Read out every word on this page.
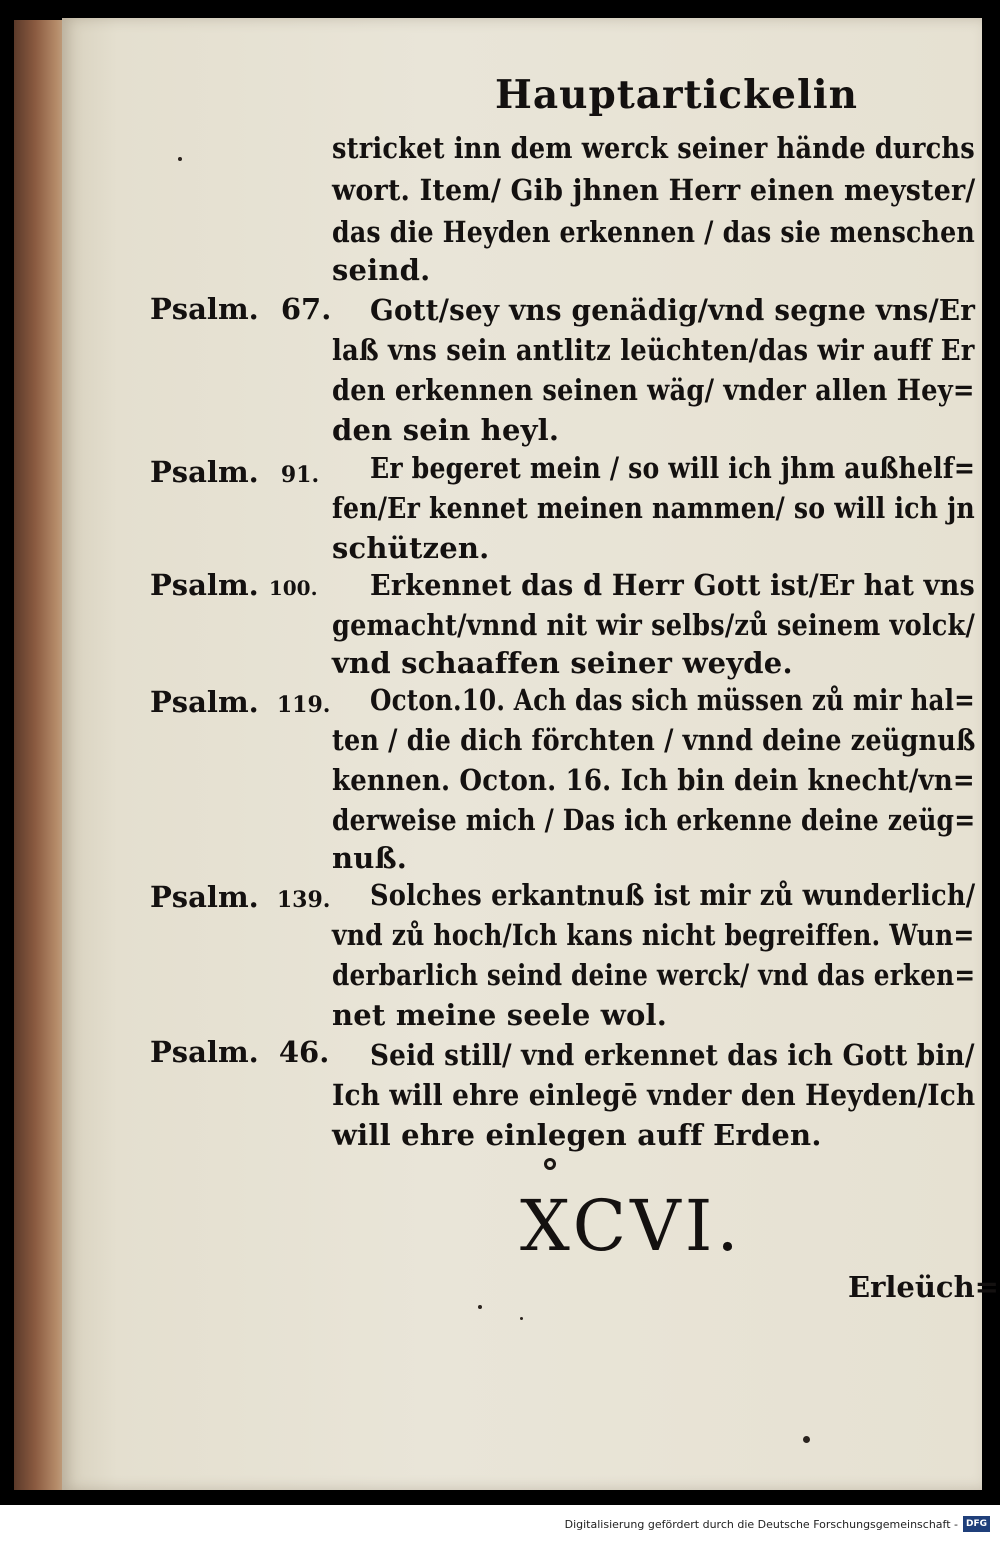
Hauptartickelin
stricket inn dem werck seiner hände durchs
wort. Item/ Gib jhnen Herr einen meyster/
das die Heyden erkennen / das sie menschen
seind.
Gott/sey vns genädig/vnd segne vns/Er
laß vns sein antlitz leüchten/das wir auff Er
den erkennen seinen wäg/ vnder allen Hey=
den sein heyl.
Er begeret mein / so will ich jhm außhelf=
fen/Er kennet meinen nammen/ so will ich jn
schützen.
Erkennet das d Herr Gott ist/Er hat vns
gemacht/vnnd nit wir selbs/zů seinem volck/
vnd schaaffen seiner weyde.
Octon.10. Ach das sich müssen zů mir hal=
ten / die dich förchten / vnnd deine zeügnuß
kennen. Octon. 16. Ich bin dein knecht/vn=
derweise mich / Das ich erkenne deine zeüg=
nuß.
Solches erkantnuß ist mir zů wunderlich/
vnd zů hoch/Ich kans nicht begreiffen. Wun=
derbarlich seind deine werck/ vnd das erken=
net meine seele wol.
Seid still/ vnd erkennet das ich Gott bin/
Ich will ehre einlegē vnder den Heyden/Ich
will ehre einlegen auff Erden.
Psalm. 67.
Psalm. 91.
Psalm. 100.
Psalm. 119.
Psalm. 139.
Psalm. 46.
XCVI.
Erleüch=
Digitalisierung gefördert durch die Deutsche Forschungsgemeinschaft - DFG
